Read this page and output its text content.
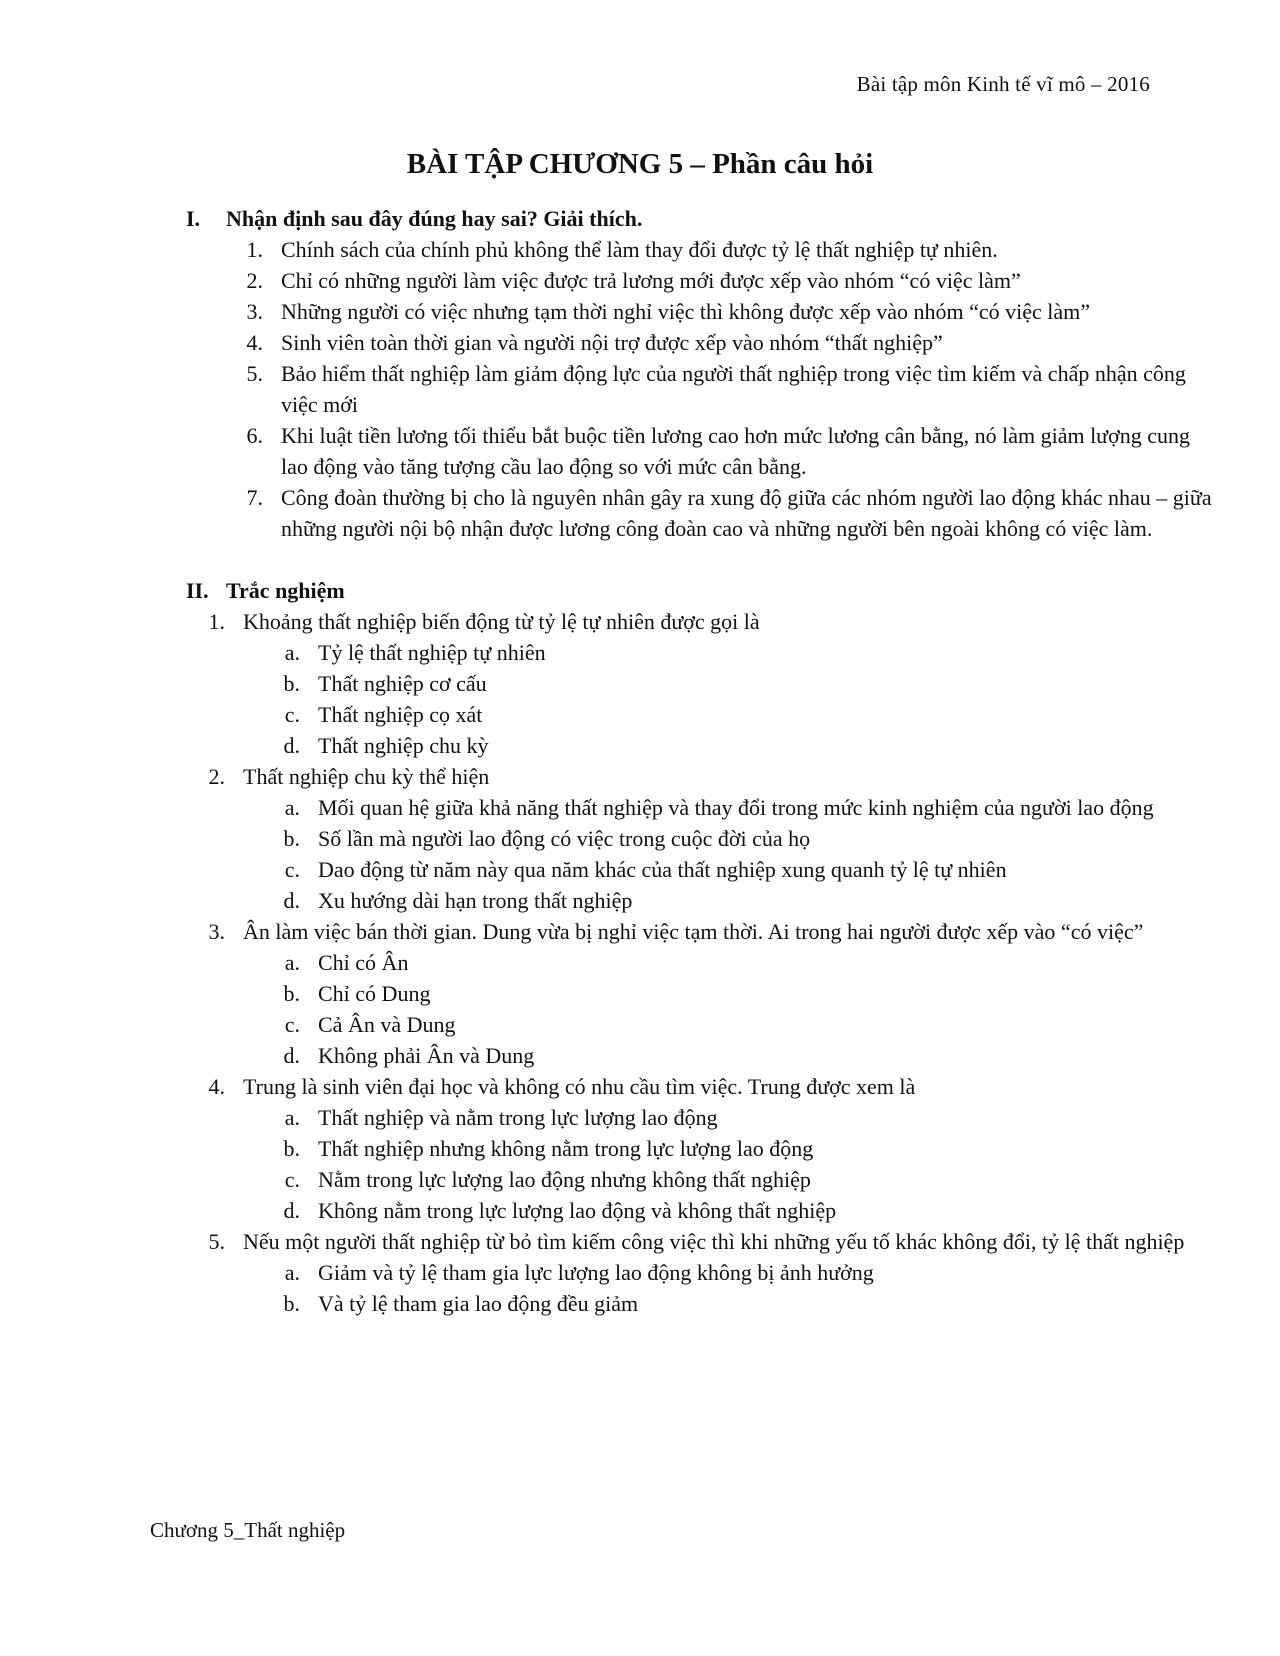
Bài tập môn Kinh tế vĩ mô – 2016
BÀI TẬP CHƯƠNG 5 – Phần câu hỏi
I.	Nhận định sau đây đúng hay sai? Giải thích.
1. Chính sách của chính phủ không thể làm thay đổi được tỷ lệ thất nghiệp tự nhiên.
2. Chỉ có những người làm việc được trả lương mới được xếp vào nhóm “có việc làm”
3. Những người có việc nhưng tạm thời nghỉ việc thì không được xếp vào nhóm “có việc làm”
4. Sinh viên toàn thời gian và người nội trợ được xếp vào nhóm “thất nghiệp”
5. Bảo hiểm thất nghiệp làm giảm động lực của người thất nghiệp trong việc tìm kiếm và chấp nhận công việc mới
6. Khi luật tiền lương tối thiểu bắt buộc tiền lương cao hơn mức lương cân bằng, nó làm giảm lượng cung lao động vào tăng tượng cầu lao động so với mức cân bằng.
7. Công đoàn thường bị cho là nguyên nhân gây ra xung độ giữa các nhóm người lao động khác nhau – giữa những người nội bộ nhận được lương công đoàn cao và những người bên ngoài không có việc làm.
II. Trắc nghiệm
1. Khoảng thất nghiệp biến động từ tỷ lệ tự nhiên được gọi là
a. Tỷ lệ thất nghiệp tự nhiên
b. Thất nghiệp cơ cấu
c. Thất nghiệp cọ xát
d. Thất nghiệp chu kỳ
2. Thất nghiệp chu kỳ thể hiện
a. Mối quan hệ giữa khả năng thất nghiệp và thay đổi trong mức kinh nghiệm của người lao động
b. Số lần mà người lao động có việc trong cuộc đời của họ
c. Dao động từ năm này qua năm khác của thất nghiệp xung quanh tỷ lệ tự nhiên
d. Xu hướng dài hạn trong thất nghiệp
3. Ân làm việc bán thời gian. Dung vừa bị nghỉ việc tạm thời. Ai trong hai người được xếp vào “có việc”
a. Chỉ có Ân
b. Chỉ có Dung
c. Cả Ân và Dung
d. Không phải Ân và Dung
4. Trung là sinh viên đại học và không có nhu cầu tìm việc. Trung được xem là
a. Thất nghiệp và nằm trong lực lượng lao động
b. Thất nghiệp nhưng không nằm trong lực lượng lao động
c. Nằm trong lực lượng lao động nhưng không thất nghiệp
d. Không nằm trong lực lượng lao động và không thất nghiệp
5. Nếu một người thất nghiệp từ bỏ tìm kiếm công việc thì khi những yếu tố khác không đổi, tỷ lệ thất nghiệp
a. Giảm và tỷ lệ tham gia lực lượng lao động không bị ảnh hưởng
b. Và tỷ lệ tham gia lao động đều giảm
Chương 5_Thất nghiệp
